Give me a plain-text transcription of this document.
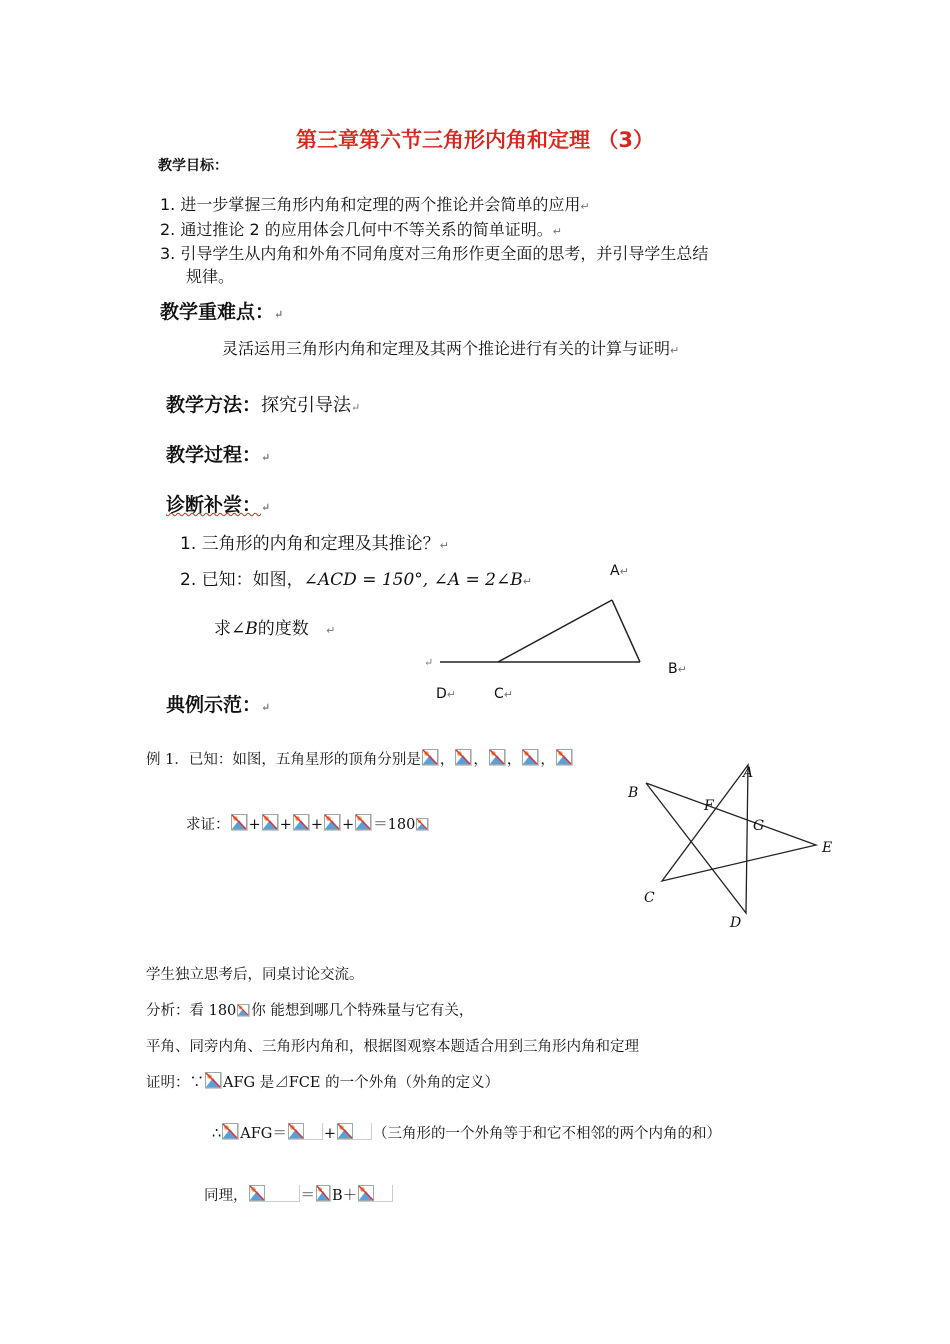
第三章第六节三角形内角和定理 （3）
教学目标：
1. 进一步掌握三角形内角和定理的两个推论并会简单的应用↵
2. 通过推论 2 的应用体会几何中不等关系的简单证明。↵
3. 引导学生从内角和外角不同角度对三角形作更全面的思考，并引导学生总结
规律。
教学重难点：↵
灵活运用三角形内角和定理及其两个推论进行有关的计算与证明↵
教学方法：探究引导法↵
教学过程：↵
诊断补尝：↵
1. 三角形的内角和定理及其推论？↵
2. 已知：如图，∠ACD = 150°, ∠A = 2∠B↵
求∠B的度数 ↵
A↵
B↵
C↵
D↵
↵
典例示范：↵
例 1．已知：如图，五角星形的顶角分别是 ， ， ， ，
求证： + + + + ＝180
A
B
C
D
E
F
G
学生独立思考后，同桌讨论交流。
分析：看 180 你 能想到哪几个特殊量与它有关，
平角、同旁内角、三角形内角和，根据图观察本题适合用到三角形内角和定理
证明：∵ AFG 是⊿FCE 的一个外角（外角的定义）
∴ AFG＝	+	（三角形的一个外角等于和它不相邻的两个内角的和）
同理，	＝ B＋
